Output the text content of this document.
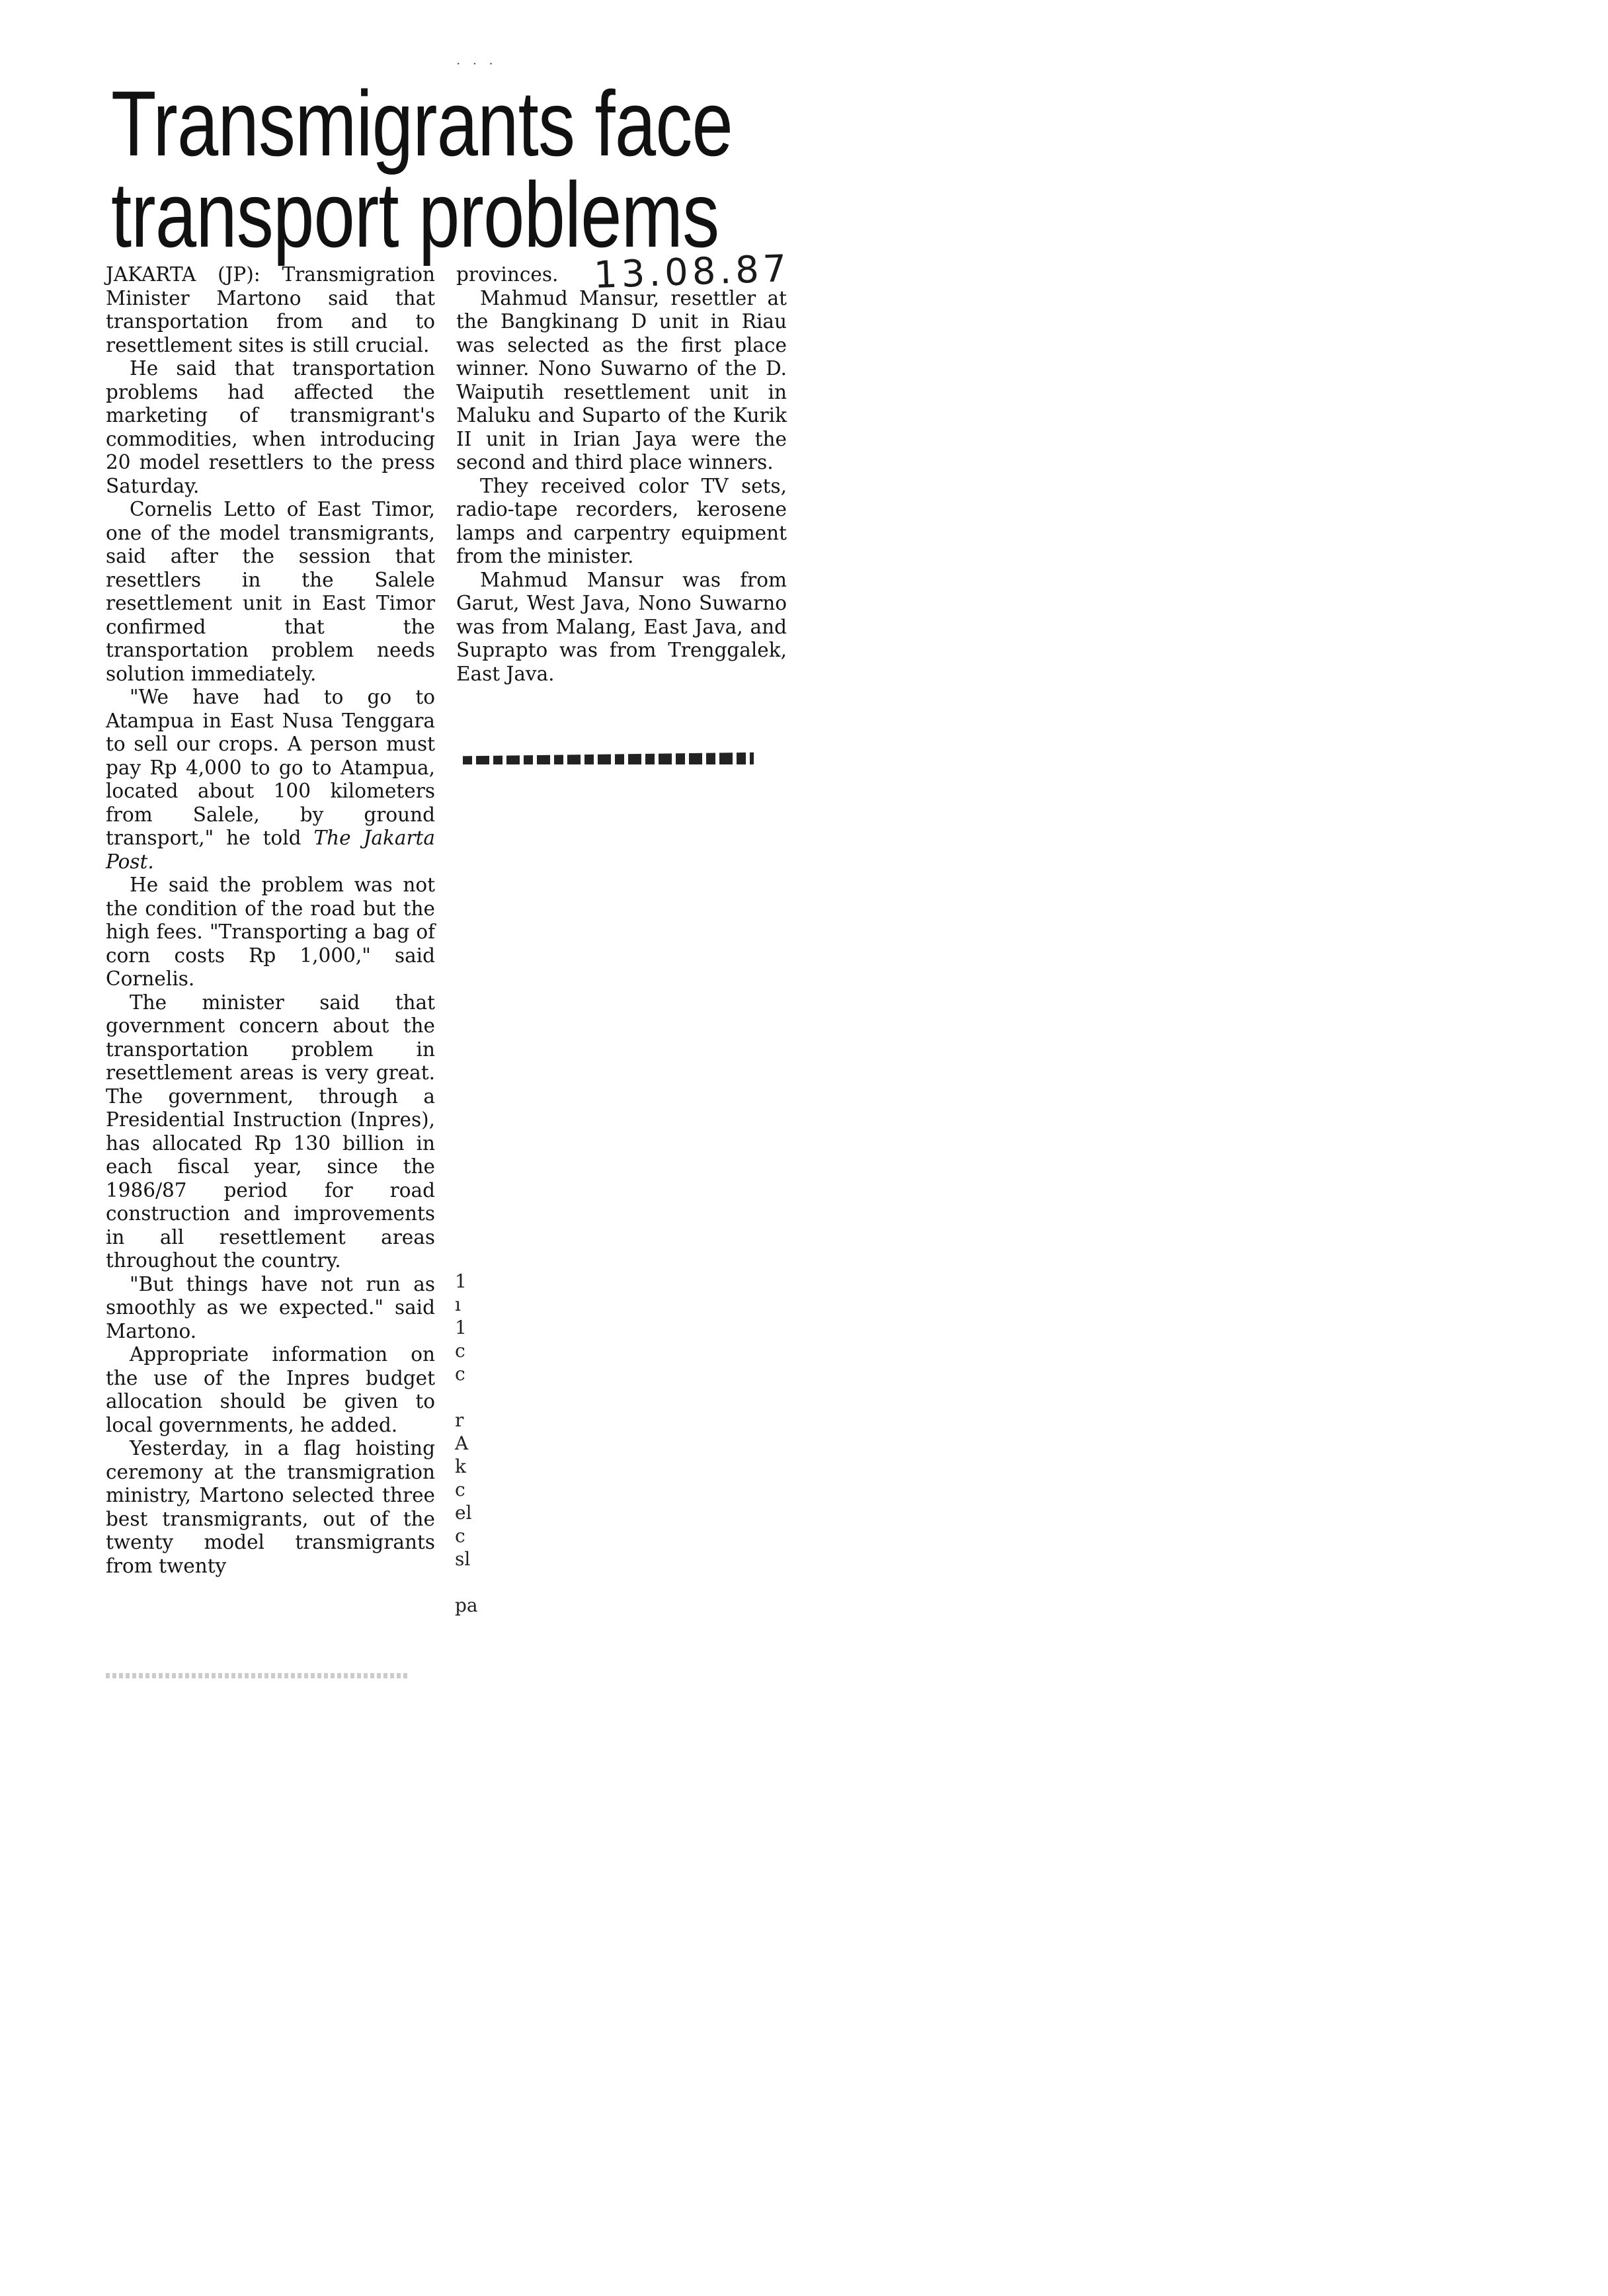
· · ·
Transmigrants face
transport problems
13.08.87

JAKARTA (JP): Transmigration Minister Martono said that transportation from and to resettlement sites is still crucial.

He said that transportation problems had affected the marketing of transmigrant's commodities, when introducing 20 model resettlers to the press Saturday.

Cornelis Letto of East Timor, one of the model transmigrants, said after the session that resettlers in the Salele resettlement unit in East Timor confirmed that the transportation problem needs solution immediately.

"We have had to go to Atampua in East Nusa Tenggara to sell our crops. A person must pay Rp 4,000 to go to Atampua, located about 100 kilometers from Salele, by ground transport," he told The Jakarta Post.

He said the problem was not the condition of the road but the high fees. "Transporting a bag of corn costs Rp 1,000," said Cornelis.

The minister said that government concern about the transportation problem in resettlement areas is very great. The government, through a Presidential Instruction (Inpres), has allocated Rp 130 billion in each fiscal year, since the 1986/87 period for road construction and improvements in all resettlement areas throughout the country.

"But things have not run as smoothly as we expected." said Martono.

Appropriate information on the use of the Inpres budget allocation should be given to local governments, he added.

Yesterday, in a flag hoisting ceremony at the transmigration ministry, Martono selected three best transmigrants, out of the twenty model transmigrants from twenty

provinces.

Mahmud Mansur, resettler at the Bangkinang D unit in Riau was selected as the first place winner. Nono Suwarno of the D. Waiputih resettlement unit in Maluku and Suparto of the Kurik II unit in Irian Jaya were the second and third place winners.

They received color TV sets, radio-tape recorders, kerosene lamps and carpentry equipment from the minister.

Mahmud Mansur was from Garut, West Java, Nono Suwarno was from Malang, East Java, and Suprapto was from Trenggalek, East Java.

1
ı
1
c
c

r
A
k
c
el
c
sl

pa
